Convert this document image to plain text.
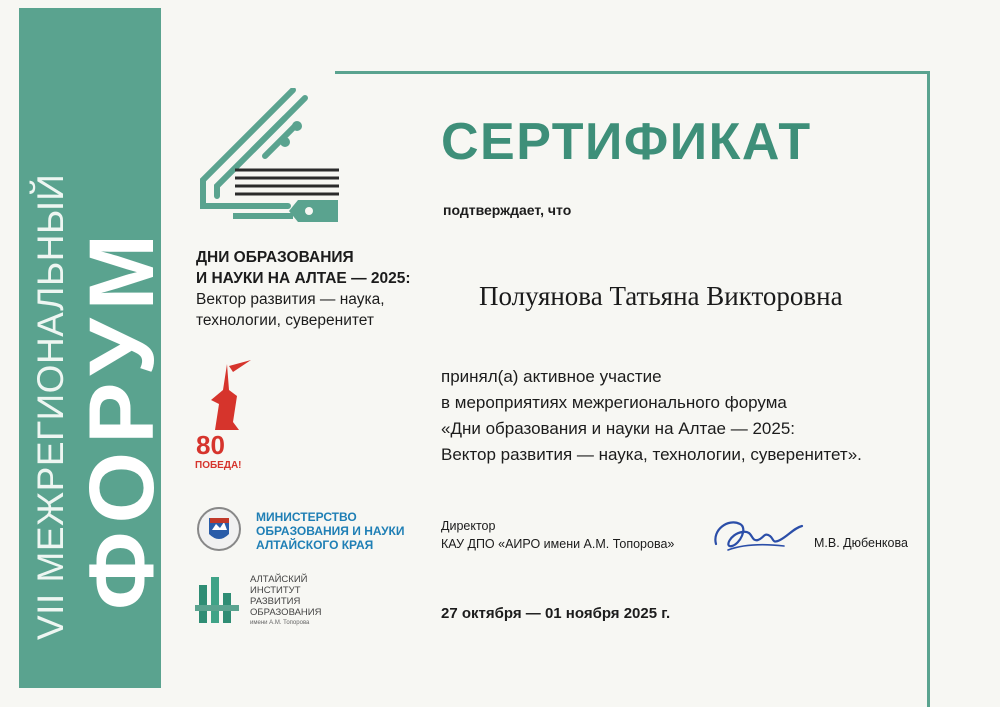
VII МЕЖРЕГИОНАЛЬНЫЙ ФОРУМ ДНИ ОБРАЗОВАНИЯ
И НАУКИ НА АЛТАЕ — 2025:
Вектор развития — наука,
технологии, суверенитет
80
ПОБЕДА!
МИНИСТЕРСТВО
ОБРАЗОВАНИЯ И НАУКИ
АЛТАЙСКОГО КРАЯ
АЛТАЙСКИЙ
ИНСТИТУТ
РАЗВИТИЯ
ОБРАЗОВАНИЯ
имени А.М. Топорова
СЕРТИФИКАТ
подтверждает, что
Полуянова Татьяна Викторовна
принял(а) активное участие
в мероприятиях межрегионального форума
«Дни образования и науки на Алтае — 2025:
Вектор развития — наука, технологии, суверенитет».
Директор
КАУ ДПО «АИРО имени А.М. Топорова»	М.В. Дюбенкова
27 октября — 01 ноября 2025 г.
